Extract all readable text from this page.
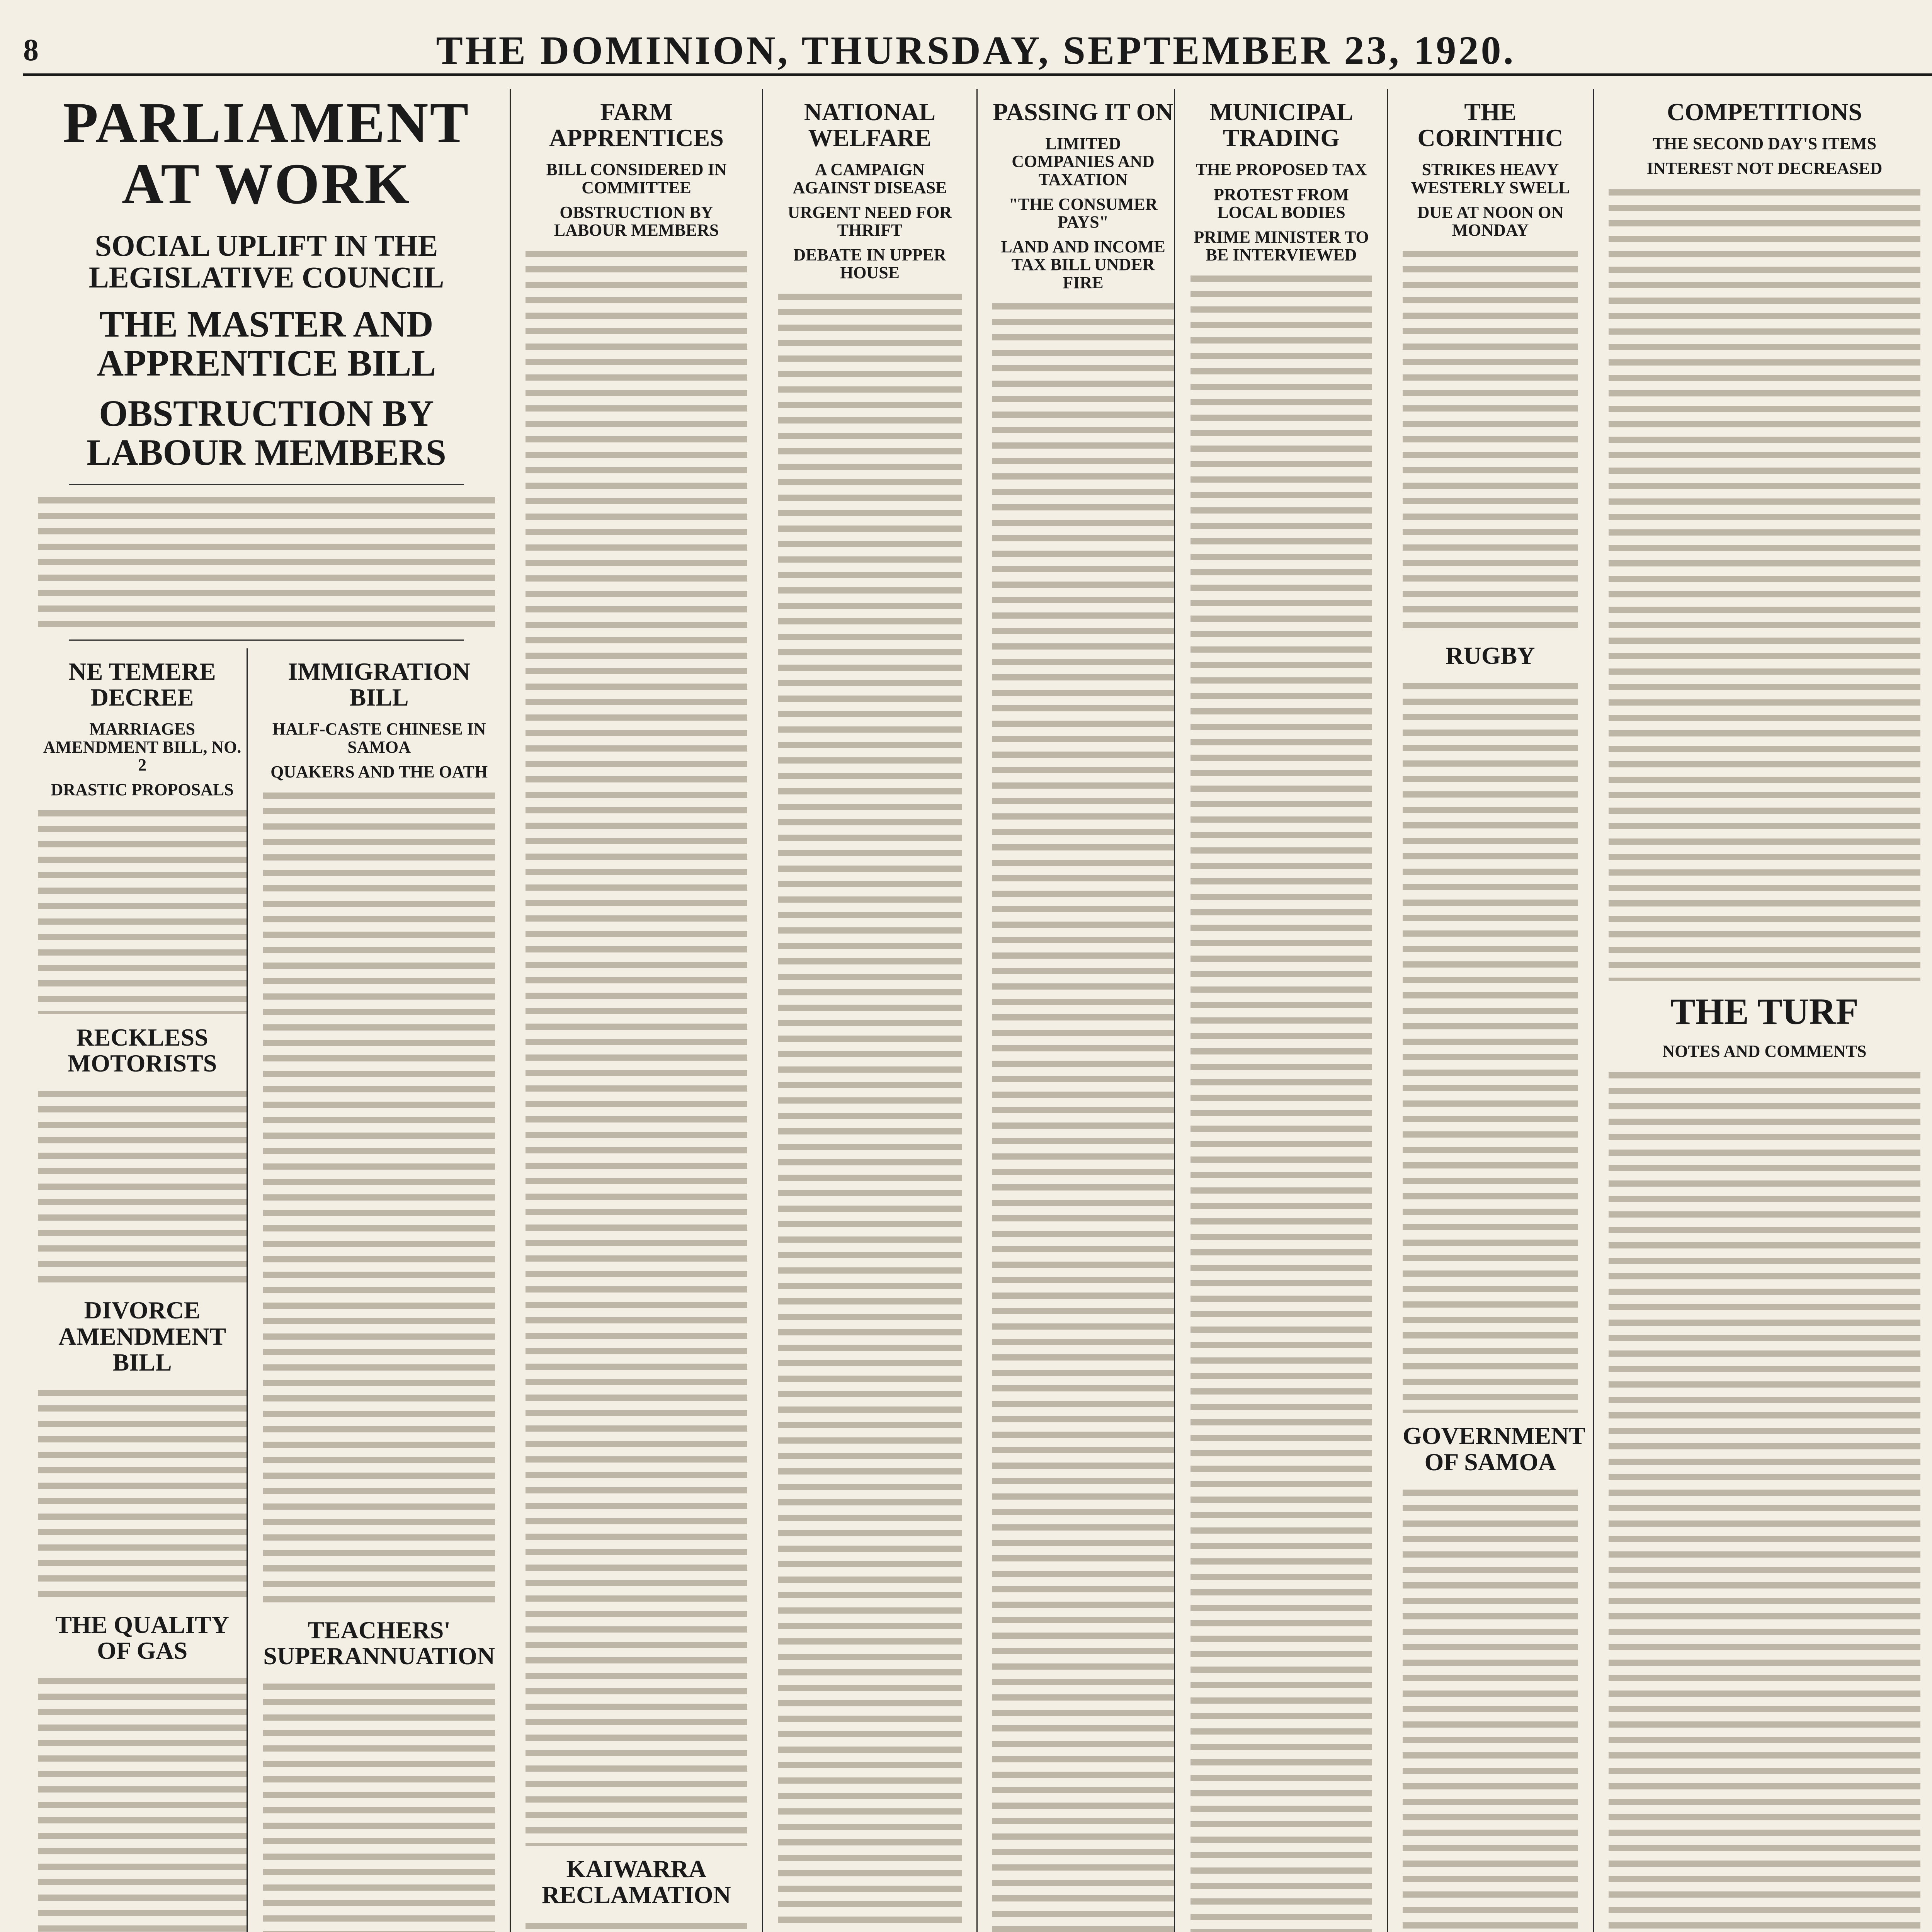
8	THE DOMINION, THURSDAY, SEPTEMBER 23, 1920.
PARLIAMENT AT WORK
SOCIAL UPLIFT IN THE LEGISLATIVE COUNCIL
THE MASTER AND APPRENTICE BILL
OBSTRUCTION BY LABOUR MEMBERS
NE TEMERE DECREE
MARRIAGES AMENDMENT BILL, NO. 2
DRASTIC PROPOSALS
RECKLESS MOTORISTS
DIVORCE AMENDMENT BILL
THE QUALITY OF GAS
IMMIGRATION BILL
HALF-CASTE CHINESE IN SAMOA
QUAKERS AND THE OATH
TEACHERS' SUPERANNUATION
FARM APPRENTICES
BILL CONSIDERED IN COMMITTEE
OBSTRUCTION BY LABOUR MEMBERS
KAIWARRA RECLAMATION
NATIONAL WELFARE
A CAMPAIGN AGAINST DISEASE
URGENT NEED FOR THRIFT
DEBATE IN UPPER HOUSE
PASSING IT ON
LIMITED COMPANIES AND TAXATION
"THE CONSUMER PAYS"
LAND AND INCOME TAX BILL UNDER FIRE
MUNICIPAL TRADING
THE PROPOSED TAX
PROTEST FROM LOCAL BODIES
PRIME MINISTER TO BE INTERVIEWED
THE CORINTHIC
STRIKES HEAVY WESTERLY SWELL
DUE AT NOON ON MONDAY
RUGBY
GOVERNMENT OF SAMOA
COMPETITIONS
THE SECOND DAY'S ITEMS
INTEREST NOT DECREASED
THE TURF
NOTES AND COMMENTS
